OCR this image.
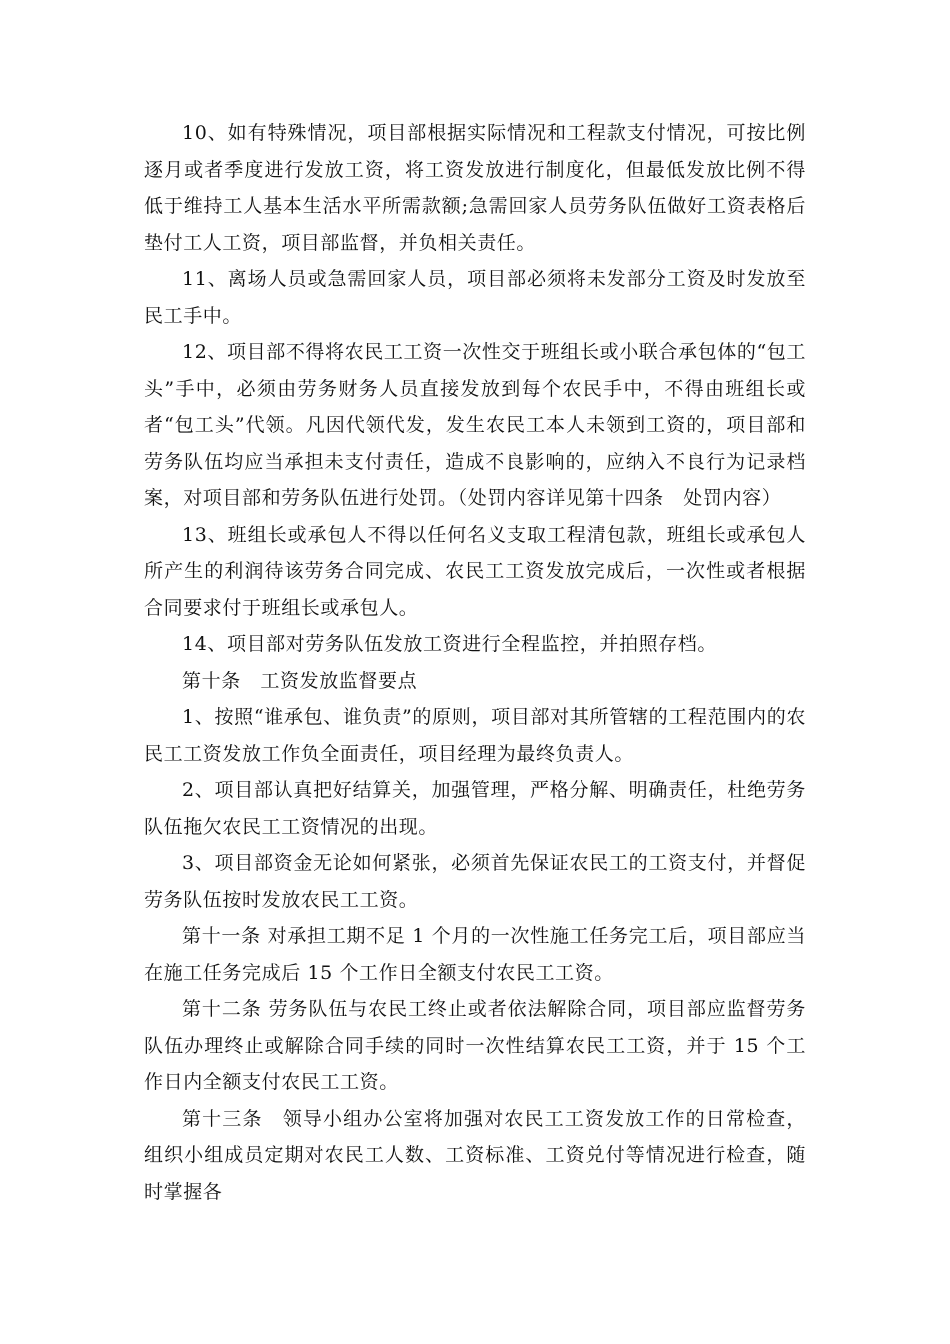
10、如有特殊情况，项目部根据实际情况和工程款支付情况，可按比例逐月或者季度进行发放工资，将工资发放进行制度化，但最低发放比例不得低于维持工人基本生活水平所需款额;急需回家人员劳务队伍做好工资表格后垫付工人工资，项目部监督，并负相关责任。

11、离场人员或急需回家人员，项目部必须将未发部分工资及时发放至民工手中。

12、项目部不得将农民工工资一次性交于班组长或小联合承包体的“包工头”手中，必须由劳务财务人员直接发放到每个农民手中，不得由班组长或者“包工头”代领。凡因代领代发，发生农民工本人未领到工资的，项目部和劳务队伍均应当承担未支付责任，造成不良影响的，应纳入不良行为记录档案，对项目部和劳务队伍进行处罚。（处罚内容详见第十四条　处罚内容）

13、班组长或承包人不得以任何名义支取工程清包款，班组长或承包人所产生的利润待该劳务合同完成、农民工工资发放完成后，一次性或者根据合同要求付于班组长或承包人。

14、项目部对劳务队伍发放工资进行全程监控，并拍照存档。

第十条　工资发放监督要点

1、按照“谁承包、谁负责”的原则，项目部对其所管辖的工程范围内的农民工工资发放工作负全面责任，项目经理为最终负责人。

2、项目部认真把好结算关，加强管理，严格分解、明确责任，杜绝劳务队伍拖欠农民工工资情况的出现。

3、项目部资金无论如何紧张，必须首先保证农民工的工资支付，并督促劳务队伍按时发放农民工工资。

第十一条 对承担工期不足 1 个月的一次性施工任务完工后，项目部应当在施工任务完成后 15 个工作日全额支付农民工工资。

第十二条 劳务队伍与农民工终止或者依法解除合同，项目部应监督劳务队伍办理终止或解除合同手续的同时一次性结算农民工工资，并于 15 个工作日内全额支付农民工工资。

第十三条　领导小组办公室将加强对农民工工资发放工作的日常检查，组织小组成员定期对农民工人数、工资标准、工资兑付等情况进行检查，随时掌握各
